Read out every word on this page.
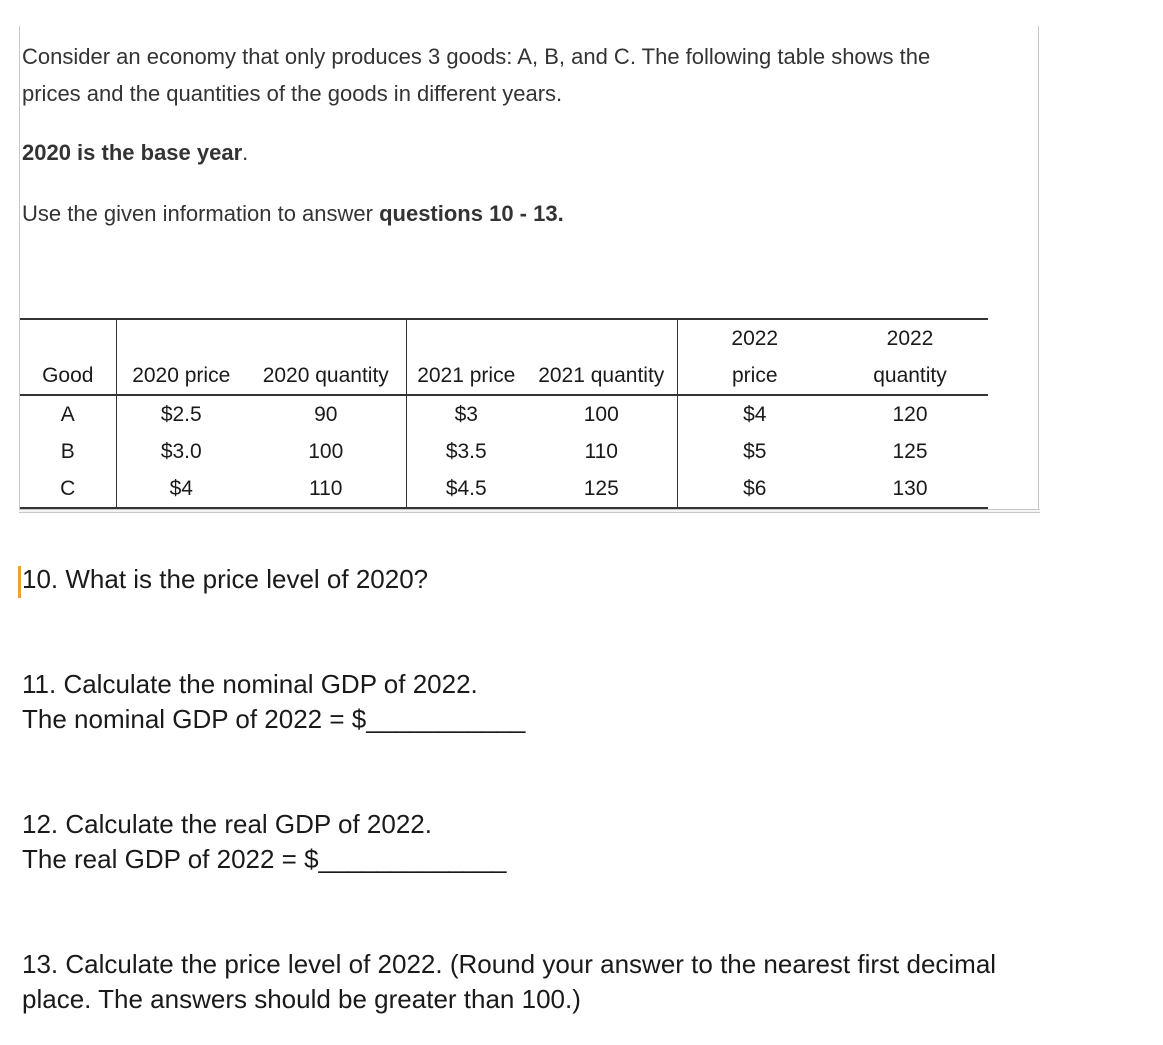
Consider an economy that only produces 3 goods: A, B, and C. The following table shows the
prices and the quantities of the goods in different years.
2020 is the base year.
Use the given information to answer questions 10 - 13.
					2022	2022
Good	2020 price	2020 quantity	2021 price	2021 quantity	price	quantity
A	$2.5	90	$3	100	$4	120
B	$3.0	100	$3.5	110	$5	125
C	$4	110	$4.5	125	$6	130
10. What is the price level of 2020?
11. Calculate the nominal GDP of 2022.
The nominal GDP of 2022 = $___________
12. Calculate the real GDP of 2022.
The real GDP of 2022 = $_____________
13. Calculate the price level of 2022. (Round your answer to the nearest first decimal
place. The answers should be greater than 100.)
